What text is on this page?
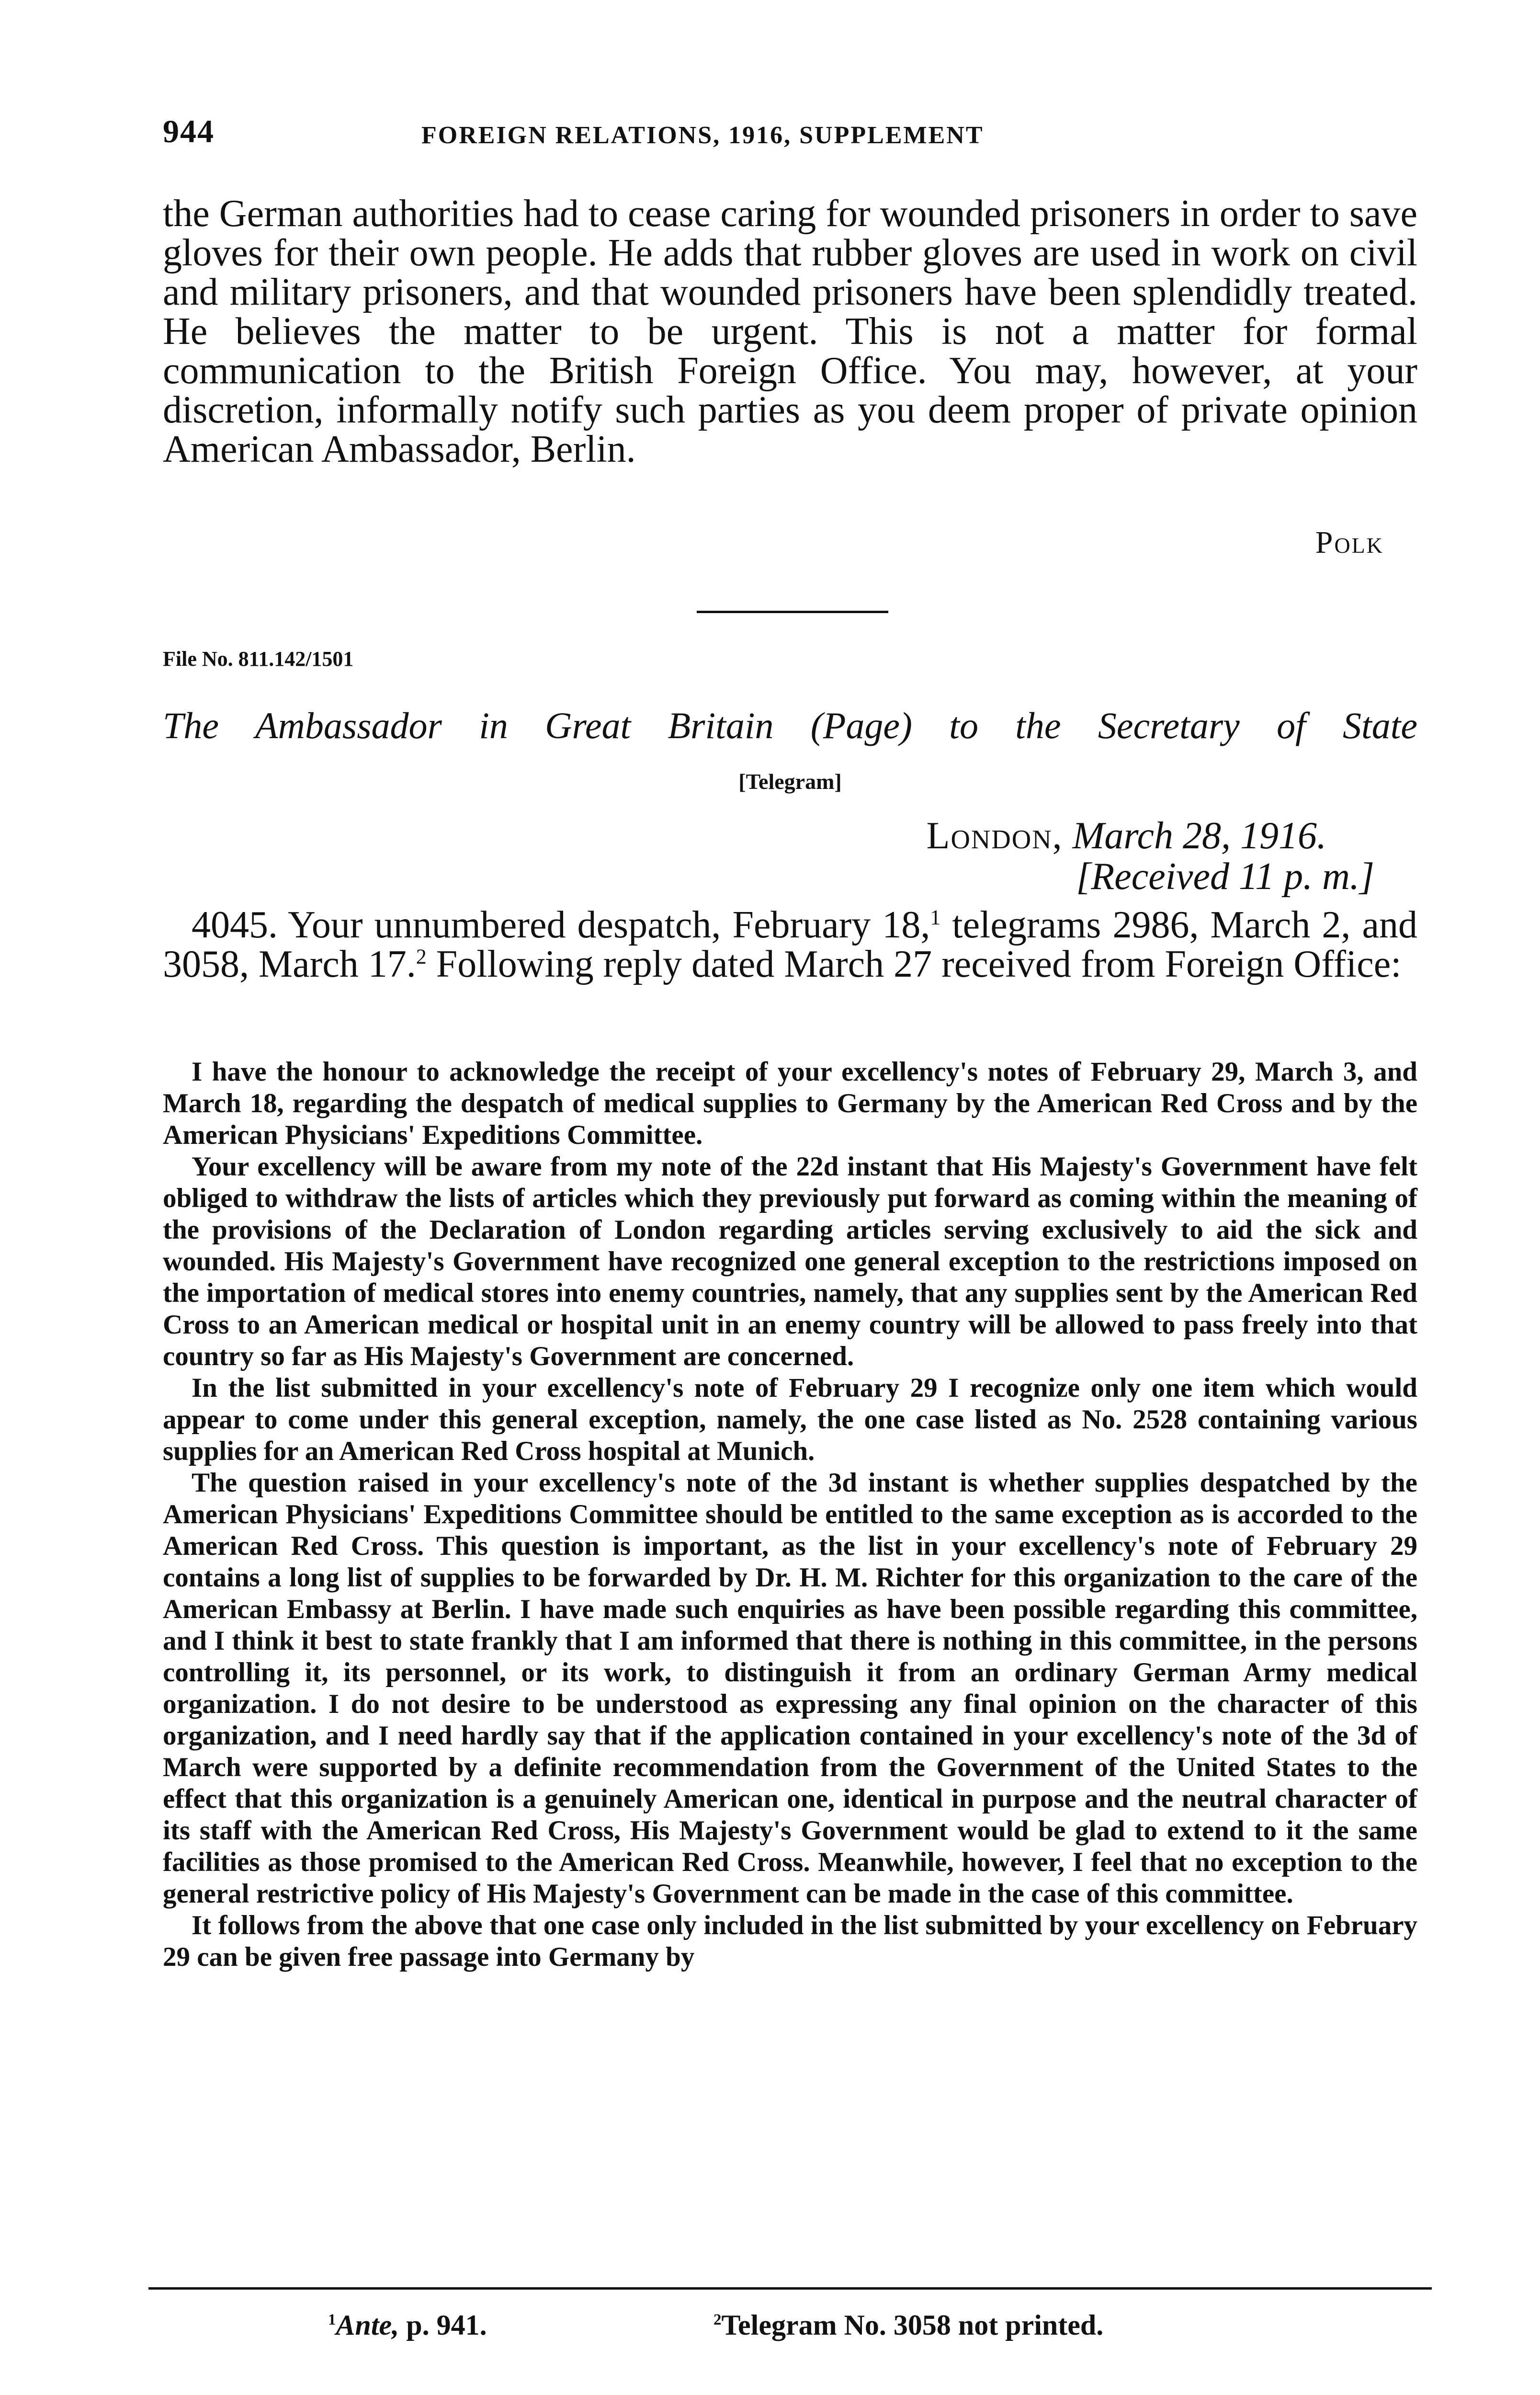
944	FOREIGN RELATIONS, 1916, SUPPLEMENT

the German authorities had to cease caring for wounded prisoners in order to save gloves for their own people. He adds that rubber gloves are used in work on civil and military prisoners, and that wounded prisoners have been splendidly treated. He believes the matter to be urgent. This is not a matter for formal communication to the British Foreign Office. You may, however, at your discretion, informally notify such parties as you deem proper of private opinion American Ambassador, Berlin.

Polk
File No. 811.142/1501
The Ambassador in Great Britain (Page) to the Secretary of State
[Telegram]
London, March 28, 1916.
[Received 11 p. m.]

4045. Your unnumbered despatch, February 18,$^1$ telegrams 2986, March 2, and 3058, March 17.$^2$ Following reply dated March 27 received from Foreign Office:

I have the honour to acknowledge the receipt of your excellency's notes of February 29, March 3, and March 18, regarding the despatch of medical supplies to Germany by the American Red Cross and by the American Physicians' Expeditions Committee.

Your excellency will be aware from my note of the 22d instant that His Majesty's Government have felt obliged to withdraw the lists of articles which they previously put forward as coming within the meaning of the provisions of the Declaration of London regarding articles serving exclusively to aid the sick and wounded. His Majesty's Government have recognized one general exception to the restrictions imposed on the importation of medical stores into enemy countries, namely, that any supplies sent by the American Red Cross to an American medical or hospital unit in an enemy country will be allowed to pass freely into that country so far as His Majesty's Government are concerned.

In the list submitted in your excellency's note of February 29 I recognize only one item which would appear to come under this general exception, namely, the one case listed as No. 2528 containing various supplies for an American Red Cross hospital at Munich.

The question raised in your excellency's note of the 3d instant is whether supplies despatched by the American Physicians' Expeditions Committee should be entitled to the same exception as is accorded to the American Red Cross. This question is important, as the list in your excellency's note of February 29 contains a long list of supplies to be forwarded by Dr. H. M. Richter for this organization to the care of the American Embassy at Berlin. I have made such enquiries as have been possible regarding this committee, and I think it best to state frankly that I am informed that there is nothing in this committee, in the persons controlling it, its personnel, or its work, to distinguish it from an ordinary German Army medical organization. I do not desire to be understood as expressing any final opinion on the character of this organization, and I need hardly say that if the application contained in your excellency's note of the 3d of March were supported by a definite recommendation from the Government of the United States to the effect that this organization is a genuinely American one, identical in purpose and the neutral character of its staff with the American Red Cross, His Majesty's Government would be glad to extend to it the same facilities as those promised to the American Red Cross. Meanwhile, however, I feel that no exception to the general restrictive policy of His Majesty's Government can be made in the case of this committee.

It follows from the above that one case only included in the list submitted by your excellency on February 29 can be given free passage into Germany by

$^1$Ante, p. 941.	$^2$Telegram No. 3058 not printed.
